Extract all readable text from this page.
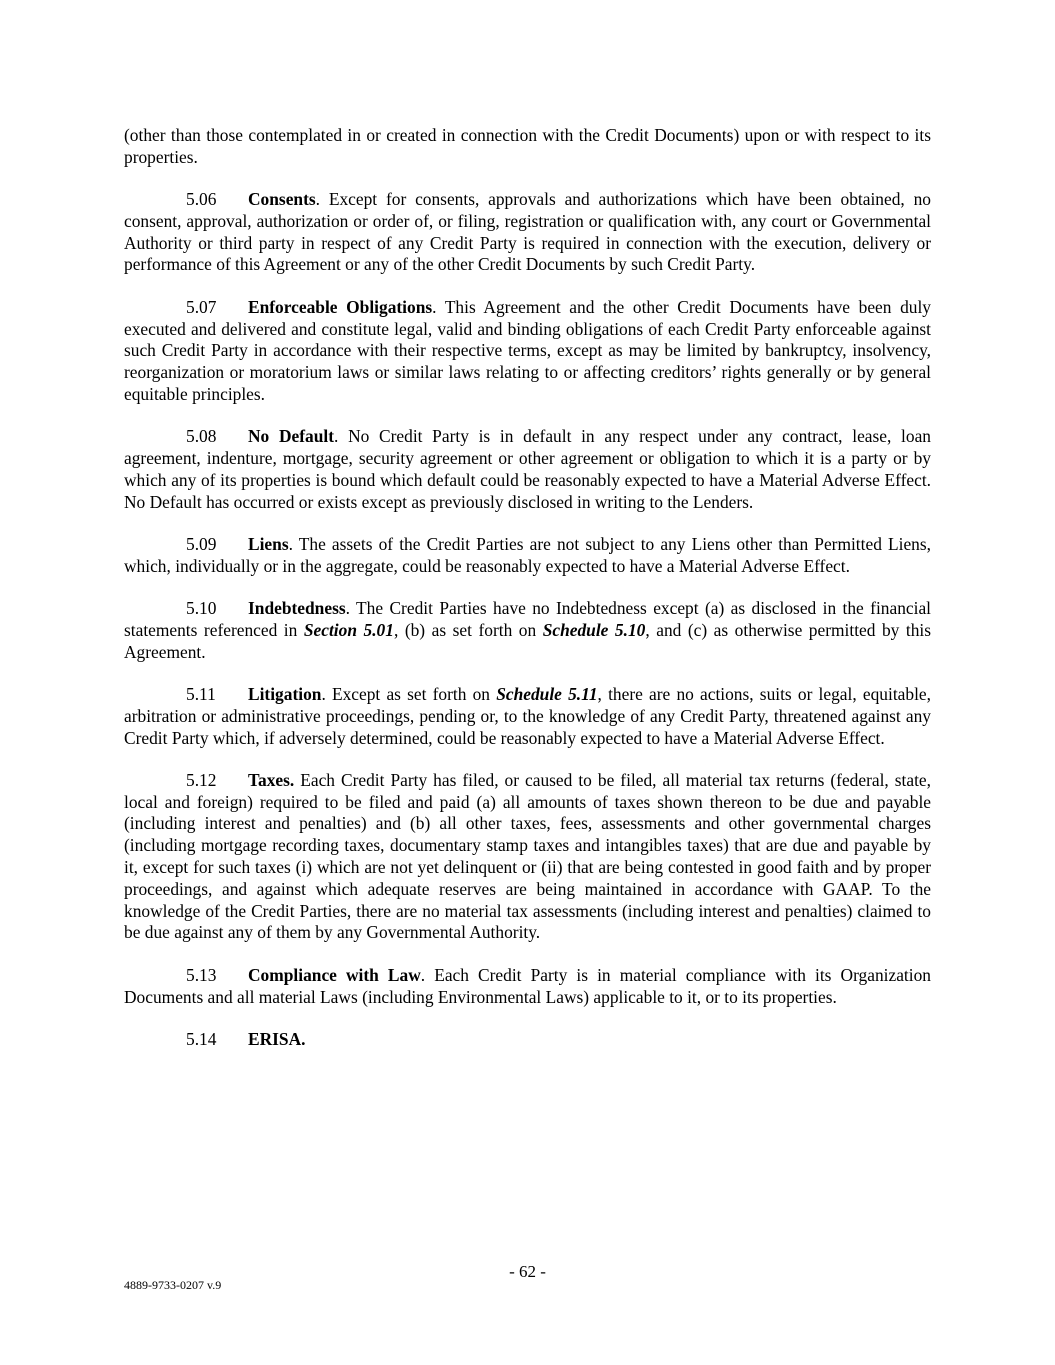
(other than those contemplated in or created in connection with the Credit Documents) upon or with respect to its properties.

5.06 Consents. Except for consents, approvals and authorizations which have been obtained, no consent, approval, authorization or order of, or filing, registration or qualification with, any court or Governmental Authority or third party in respect of any Credit Party is required in connection with the execution, delivery or performance of this Agreement or any of the other Credit Documents by such Credit Party.

5.07 Enforceable Obligations. This Agreement and the other Credit Documents have been duly executed and delivered and constitute legal, valid and binding obligations of each Credit Party enforceable against such Credit Party in accordance with their respective terms, except as may be limited by bankruptcy, insolvency, reorganization or moratorium laws or similar laws relating to or affecting creditors’ rights generally or by general equitable principles.

5.08 No Default. No Credit Party is in default in any respect under any contract, lease, loan agreement, indenture, mortgage, security agreement or other agreement or obligation to which it is a party or by which any of its properties is bound which default could be reasonably expected to have a Material Adverse Effect. No Default has occurred or exists except as previously disclosed in writing to the Lenders.

5.09 Liens. The assets of the Credit Parties are not subject to any Liens other than Permitted Liens, which, individually or in the aggregate, could be reasonably expected to have a Material Adverse Effect.

5.10 Indebtedness. The Credit Parties have no Indebtedness except (a) as disclosed in the financial statements referenced in Section 5.01, (b) as set forth on Schedule 5.10, and (c) as otherwise permitted by this Agreement.

5.11 Litigation. Except as set forth on Schedule 5.11, there are no actions, suits or legal, equitable, arbitration or administrative proceedings, pending or, to the knowledge of any Credit Party, threatened against any Credit Party which, if adversely determined, could be reasonably expected to have a Material Adverse Effect.

5.12 Taxes. Each Credit Party has filed, or caused to be filed, all material tax returns (federal, state, local and foreign) required to be filed and paid (a) all amounts of taxes shown thereon to be due and payable (including interest and penalties) and (b) all other taxes, fees, assessments and other governmental charges (including mortgage recording taxes, documentary stamp taxes and intangibles taxes) that are due and payable by it, except for such taxes (i) which are not yet delinquent or (ii) that are being contested in good faith and by proper proceedings, and against which adequate reserves are being maintained in accordance with GAAP. To the knowledge of the Credit Parties, there are no material tax assessments (including interest and penalties) claimed to be due against any of them by any Governmental Authority.

5.13 Compliance with Law. Each Credit Party is in material compliance with its Organization Documents and all material Laws (including Environmental Laws) applicable to it, or to its properties.

5.14 ERISA.

- 62 -
4889-9733-0207 v.9
